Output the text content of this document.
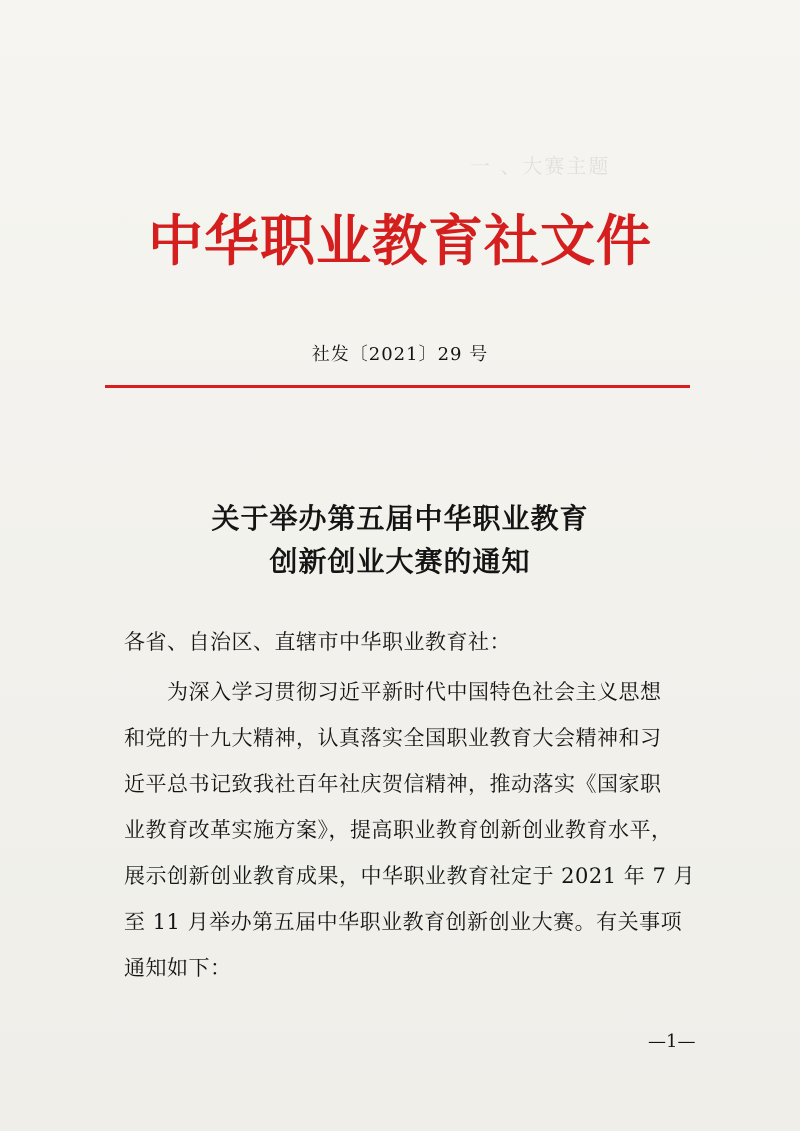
一 、大赛主题　　　　　　

中华职业教育社文件
社发〔2021〕29 号
关于举办第五届中华职业教育
创新创业大赛的通知
各省、自治区、直辖市中华职业教育社：
　　为深入学习贯彻习近平新时代中国特色社会主义思想
和党的十九大精神，认真落实全国职业教育大会精神和习
近平总书记致我社百年社庆贺信精神，推动落实《国家职
业教育改革实施方案》，提高职业教育创新创业教育水平，
展示创新创业教育成果，中华职业教育社定于 2021 年 7 月
至 11 月举办第五届中华职业教育创新创业大赛。有关事项
通知如下：
—1—
